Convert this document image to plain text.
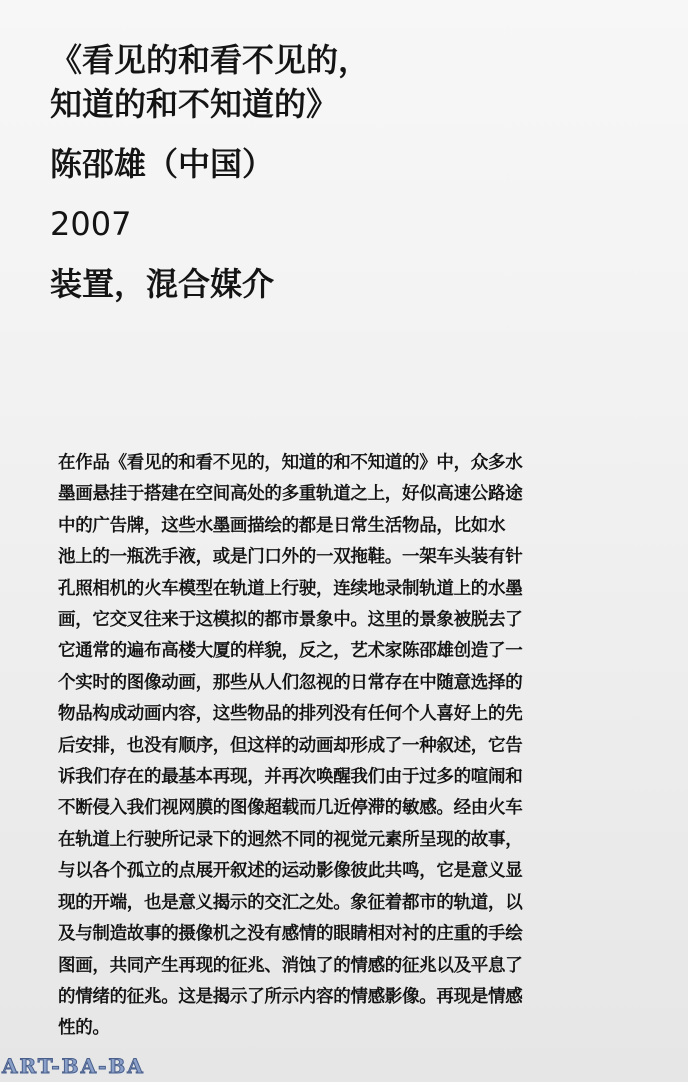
《看见的和看不见的，
知道的和不知道的》
陈邵雄（中国）
2007
装置，混合媒介
在作品《看见的和看不见的，知道的和不知道的》中，众多水
墨画悬挂于搭建在空间高处的多重轨道之上，好似高速公路途
中的广告牌，这些水墨画描绘的都是日常生活物品，比如水
池上的一瓶洗手液，或是门口外的一双拖鞋。一架车头装有针
孔照相机的火车模型在轨道上行驶，连续地录制轨道上的水墨
画，它交叉往来于这模拟的都市景象中。这里的景象被脱去了
它通常的遍布高楼大厦的样貌，反之，艺术家陈邵雄创造了一
个实时的图像动画，那些从人们忽视的日常存在中随意选择的
物品构成动画内容，这些物品的排列没有任何个人喜好上的先
后安排，也没有顺序，但这样的动画却形成了一种叙述，它告
诉我们存在的最基本再现，并再次唤醒我们由于过多的喧闹和
不断侵入我们视网膜的图像超载而几近停滞的敏感。经由火车
在轨道上行驶所记录下的迥然不同的视觉元素所呈现的故事，
与以各个孤立的点展开叙述的运动影像彼此共鸣，它是意义显
现的开端，也是意义揭示的交汇之处。象征着都市的轨道，以
及与制造故事的摄像机之没有感情的眼睛相对衬的庄重的手绘
图画，共同产生再现的征兆、消蚀了的情感的征兆以及平息了
的情绪的征兆。这是揭示了所示内容的情感影像。再现是情感
性的。
ART-BA-BA
